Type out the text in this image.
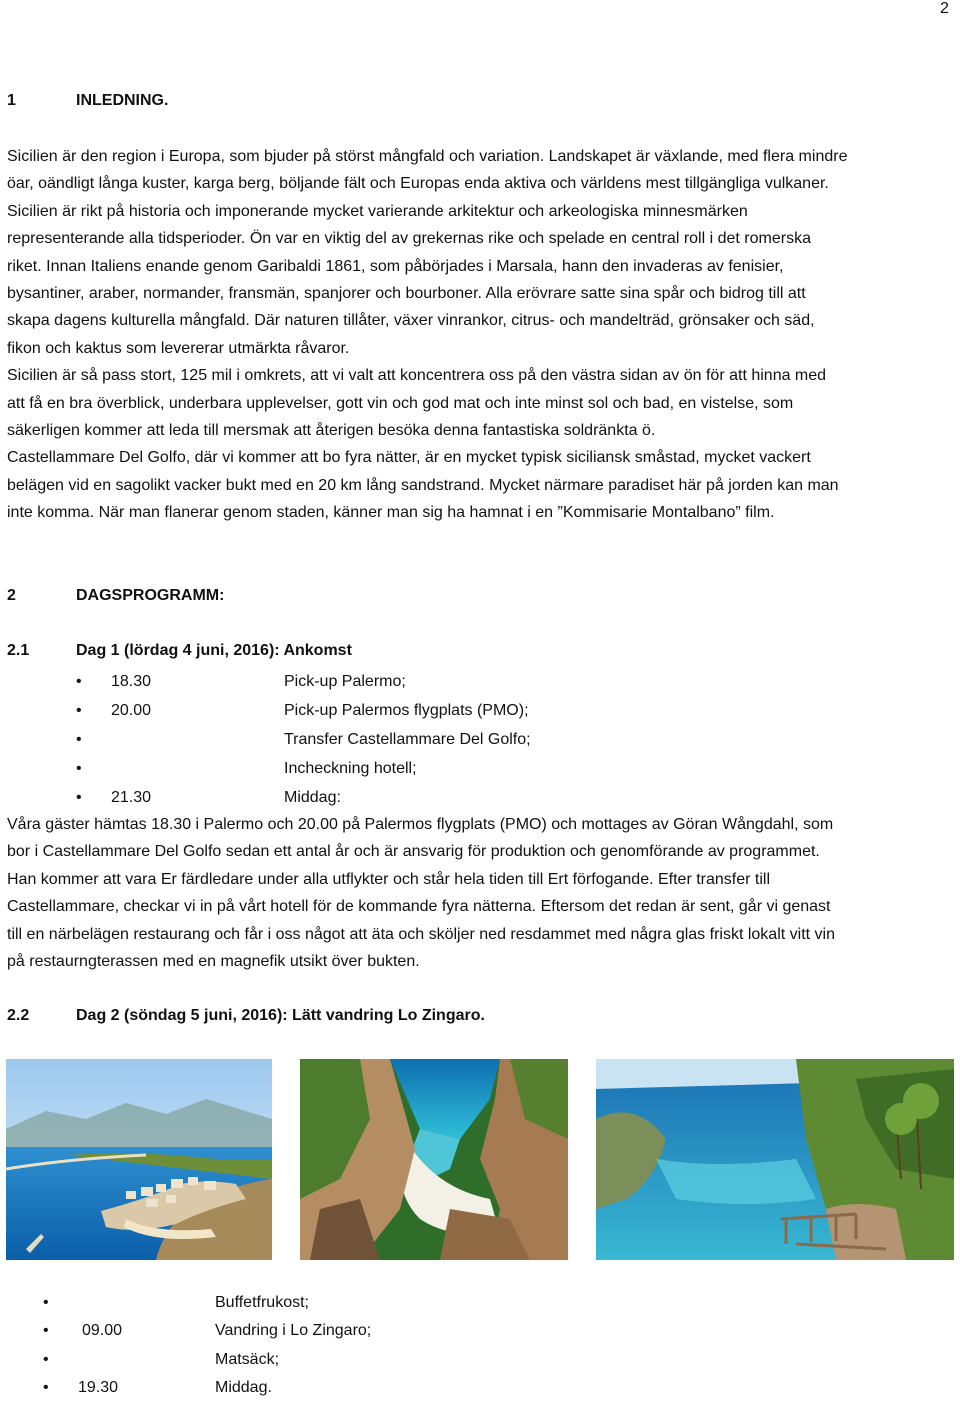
2
1	INLEDNING.

Sicilien är den region i Europa, som bjuder på störst mångfald och variation. Landskapet är växlande, med flera mindre

öar, oändligt långa kuster, karga berg, böljande fält och Europas enda aktiva och världens mest tillgängliga vulkaner.

Sicilien är rikt på historia och imponerande mycket varierande arkitektur och arkeologiska minnesmärken

representerande alla tidsperioder. Ön var en viktig del av grekernas rike och spelade en central roll i det romerska

riket. Innan Italiens enande genom Garibaldi 1861, som påbörjades i Marsala, hann den invaderas av fenisier,

bysantiner, araber, normander, fransmän, spanjorer och bourboner. Alla erövrare satte sina spår och bidrog till att

skapa dagens kulturella mångfald. Där naturen tillåter, växer vinrankor, citrus- och mandelträd, grönsaker och säd,

fikon och kaktus som levererar utmärkta råvaror.

Sicilien är så pass stort, 125 mil i omkrets, att vi valt att koncentrera oss på den västra sidan av ön för att hinna med

att få en bra överblick, underbara upplevelser, gott vin och god mat och inte minst sol och bad, en vistelse, som

säkerligen kommer att leda till mersmak att återigen besöka denna fantastiska soldränkta ö.

Castellammare Del Golfo, där vi kommer att bo fyra nätter, är en mycket typisk siciliansk småstad, mycket vackert

belägen vid en sagolikt vacker bukt med en 20 km lång sandstrand. Mycket närmare paradiset här på jorden kan man

inte komma. När man flanerar genom staden, känner man sig ha hamnat i en ”Kommisarie Montalbano” film.

2	DAGSPROGRAMM:
2.1	Dag 1 (lördag 4 juni, 2016): Ankomst
• 18.30	Pick-up Palermo;
• 20.00	Pick-up Palermos flygplats (PMO);
•	Transfer Castellammare Del Golfo;
•	Incheckning hotell;
• 21.30	Middag:

Våra gäster hämtas 18.30 i Palermo och 20.00 på Palermos flygplats (PMO) och mottages av Göran Wångdahl, som

bor i Castellammare Del Golfo sedan ett antal år och är ansvarig för produktion och genomförande av programmet.

Han kommer att vara Er färdledare under alla utflykter och står hela tiden till Ert förfogande. Efter transfer till

Castellammare, checkar vi in på vårt hotell för de kommande fyra nätterna. Eftersom det redan är sent, går vi genast

till en närbelägen restaurang och får i oss något att äta och sköljer ned resdammet med några glas friskt lokalt vitt vin

på restaurngterassen med en magnefik utsikt över bukten.

2.2	Dag 2 (söndag 5 juni, 2016): Lätt vandring Lo Zingaro.
•	Buffetfrukost;
• 09.00	Vandring i Lo Zingaro;
•	Matsäck;
• 19.30	Middag.
